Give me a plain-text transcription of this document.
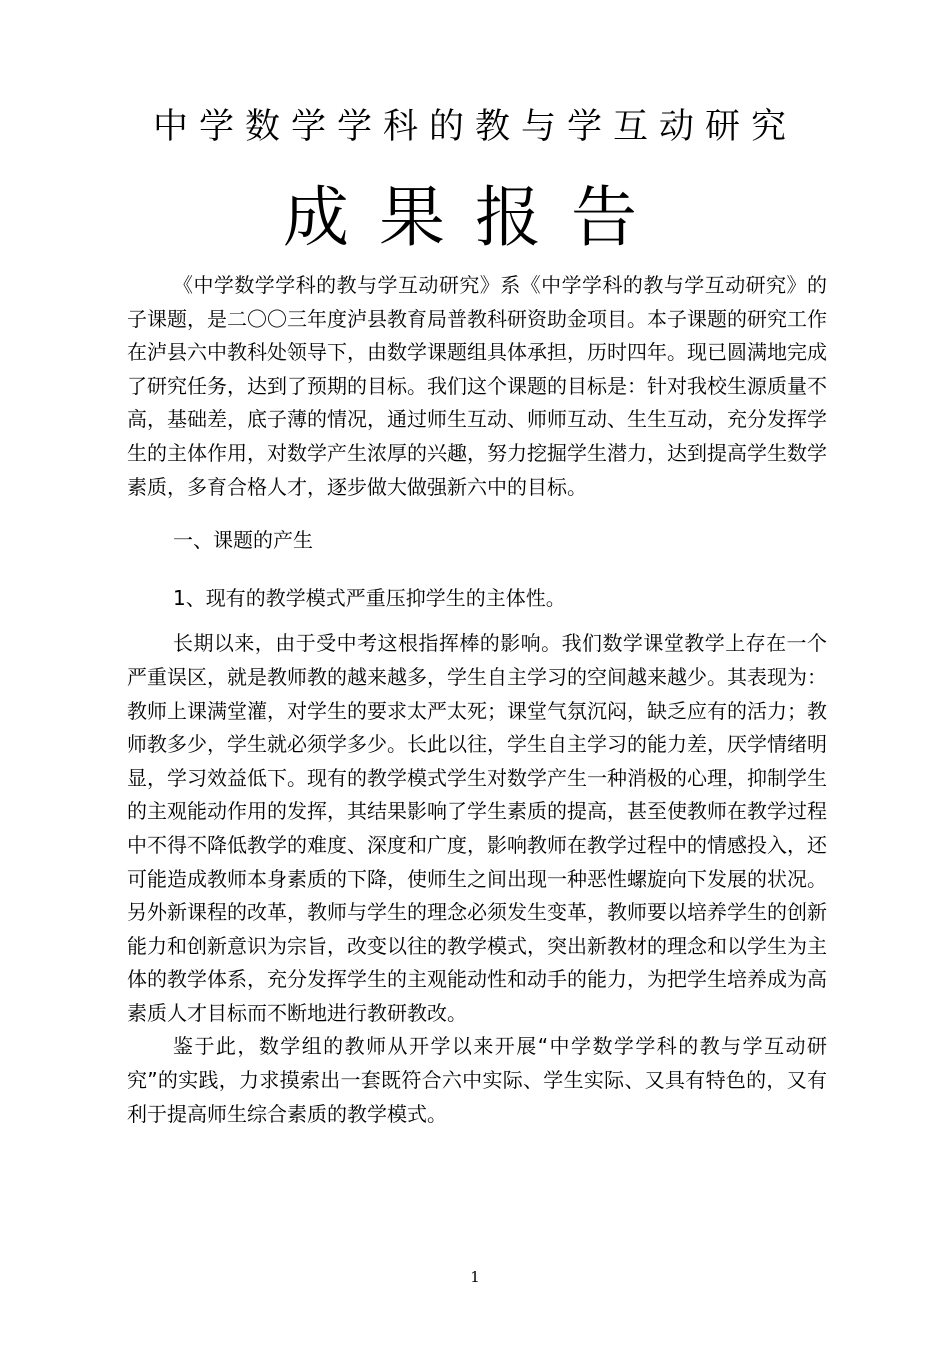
中学数学学科的教与学互动研究
成果报告

《中学数学学科的教与学互动研究》系《中学学科的教与学互动研究》的子课题，是二〇〇三年度泸县教育局普教科研资助金项目。本子课题的研究工作在泸县六中教科处领导下，由数学课题组具体承担，历时四年。现已圆满地完成了研究任务，达到了预期的目标。我们这个课题的目标是：针对我校生源质量不高，基础差，底子薄的情况，通过师生互动、师师互动、生生互动，充分发挥学生的主体作用，对数学产生浓厚的兴趣，努力挖掘学生潜力，达到提高学生数学素质，多育合格人才，逐步做大做强新六中的目标。

一、课题的产生

1、现有的教学模式严重压抑学生的主体性。

长期以来，由于受中考这根指挥棒的影响。我们数学课堂教学上存在一个严重误区，就是教师教的越来越多，学生自主学习的空间越来越少。其表现为：教师上课满堂灌，对学生的要求太严太死；课堂气氛沉闷，缺乏应有的活力；教师教多少，学生就必须学多少。长此以往，学生自主学习的能力差，厌学情绪明显，学习效益低下。现有的教学模式学生对数学产生一种消极的心理，抑制学生的主观能动作用的发挥，其结果影响了学生素质的提高，甚至使教师在教学过程中不得不降低教学的难度、深度和广度，影响教师在教学过程中的情感投入，还可能造成教师本身素质的下降，使师生之间出现一种恶性螺旋向下发展的状况。另外新课程的改革，教师与学生的理念必须发生变革，教师要以培养学生的创新能力和创新意识为宗旨，改变以往的教学模式，突出新教材的理念和以学生为主体的教学体系，充分发挥学生的主观能动性和动手的能力，为把学生培养成为高素质人才目标而不断地进行教研教改。

鉴于此，数学组的教师从开学以来开展“中学数学学科的教与学互动研究”的实践，力求摸索出一套既符合六中实际、学生实际、又具有特色的，又有利于提高师生综合素质的教学模式。

1
